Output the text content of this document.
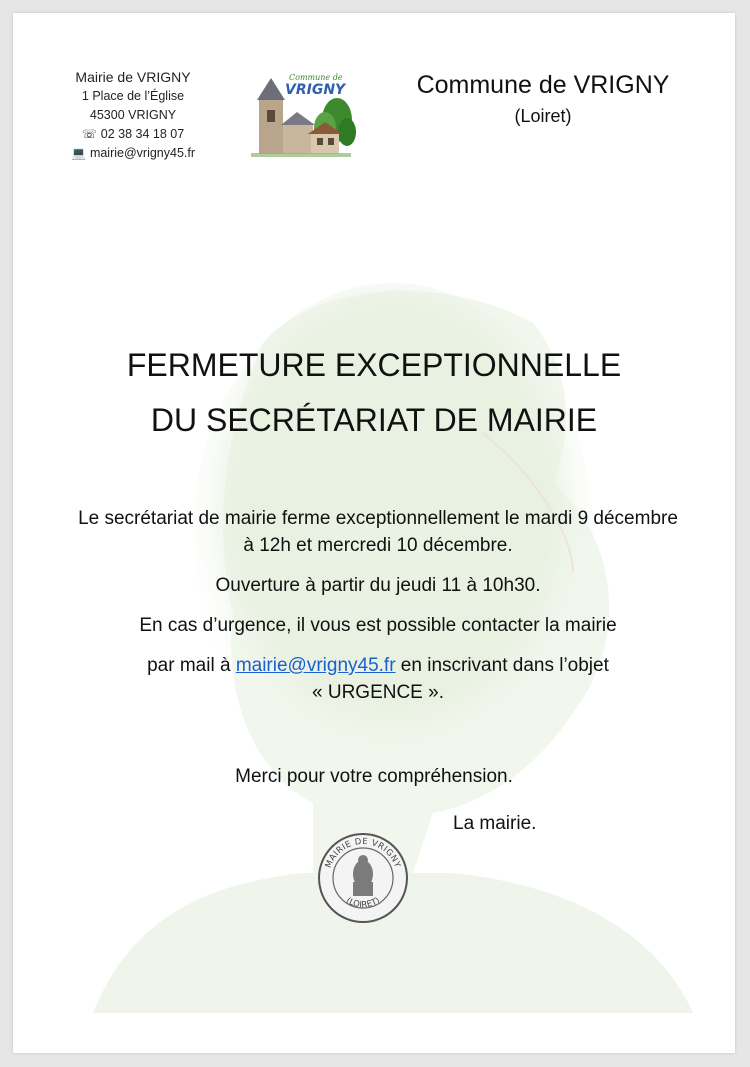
Mairie de VRIGNY
1 Place de l’Église
45300 VRIGNY
☏ 02 38 34 18 07
💻 mairie@vrigny45.fr
Commune de
VRIGNY	Commune de VRIGNY
(Loiret)
FERMETURE EXCEPTIONNELLE
DU SECRÉTARIAT DE MAIRIE

Le secrétariat de mairie ferme exceptionnellement le mardi 9 décembre à 12h et mercredi 10 décembre.

Ouverture à partir du jeudi 11 à 10h30.

En cas d’urgence, il vous est possible contacter la mairie

par mail à mairie@vrigny45.fr en inscrivant dans l’objet

« URGENCE ».

Merci pour votre compréhension.
La mairie.
MAIRIE DE VRIGNY
(LOIRET)
